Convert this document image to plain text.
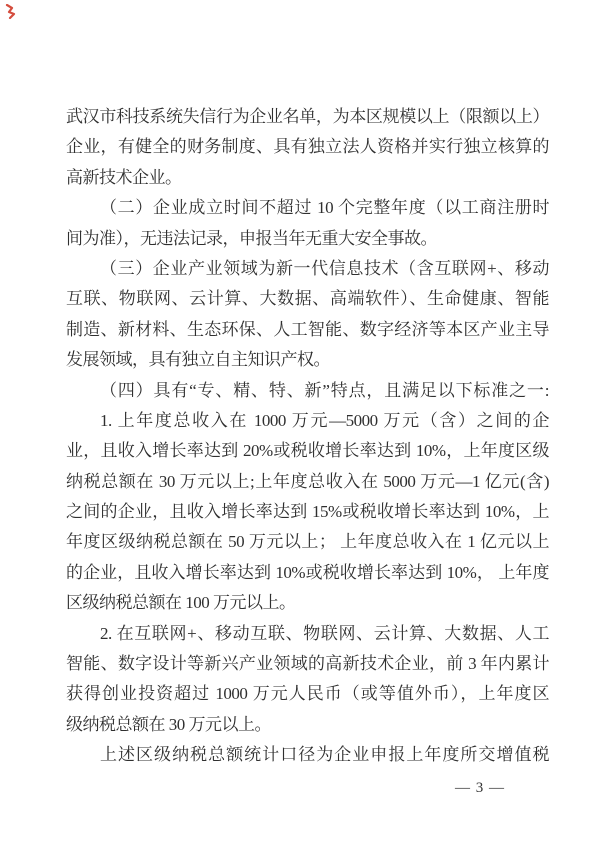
武汉市科技系统失信行为企业名单，为本区规模以上（限额以上）
企业，有健全的财务制度、具有独立法人资格并实行独立核算的
高新技术企业。
（二）企业成立时间不超过 10 个完整年度（以工商注册时
间为准），无违法记录，申报当年无重大安全事故。
（三）企业产业领域为新一代信息技术（含互联网+、移动
互联、物联网、云计算、大数据、高端软件）、生命健康、智能
制造、新材料、生态环保、人工智能、数字经济等本区产业主导
发展领域，具有独立自主知识产权。
（四）具有“专、精、特、新”特点，且满足以下标准之一:
1. 上年度总收入在 1000 万元—5000 万元（含）之间的企
业，且收入增长率达到 20%或税收增长率达到 10%，上年度区级
纳税总额在 30 万元以上;上年度总收入在 5000 万元—1 亿元(含)
之间的企业，且收入增长率达到 15%或税收增长率达到 10%，上
年度区级纳税总额在 50 万元以上； 上年度总收入在 1 亿元以上
的企业，且收入增长率达到 10%或税收增长率达到 10%， 上年度
区级纳税总额在 100 万元以上。
2. 在互联网+、移动互联、物联网、云计算、大数据、人工
智能、数字设计等新兴产业领域的高新技术企业，前 3 年内累计
获得创业投资超过 1000 万元人民币（或等值外币），上年度区
级纳税总额在 30 万元以上。
上述区级纳税总额统计口径为企业申报上年度所交增值税
— 3 —
